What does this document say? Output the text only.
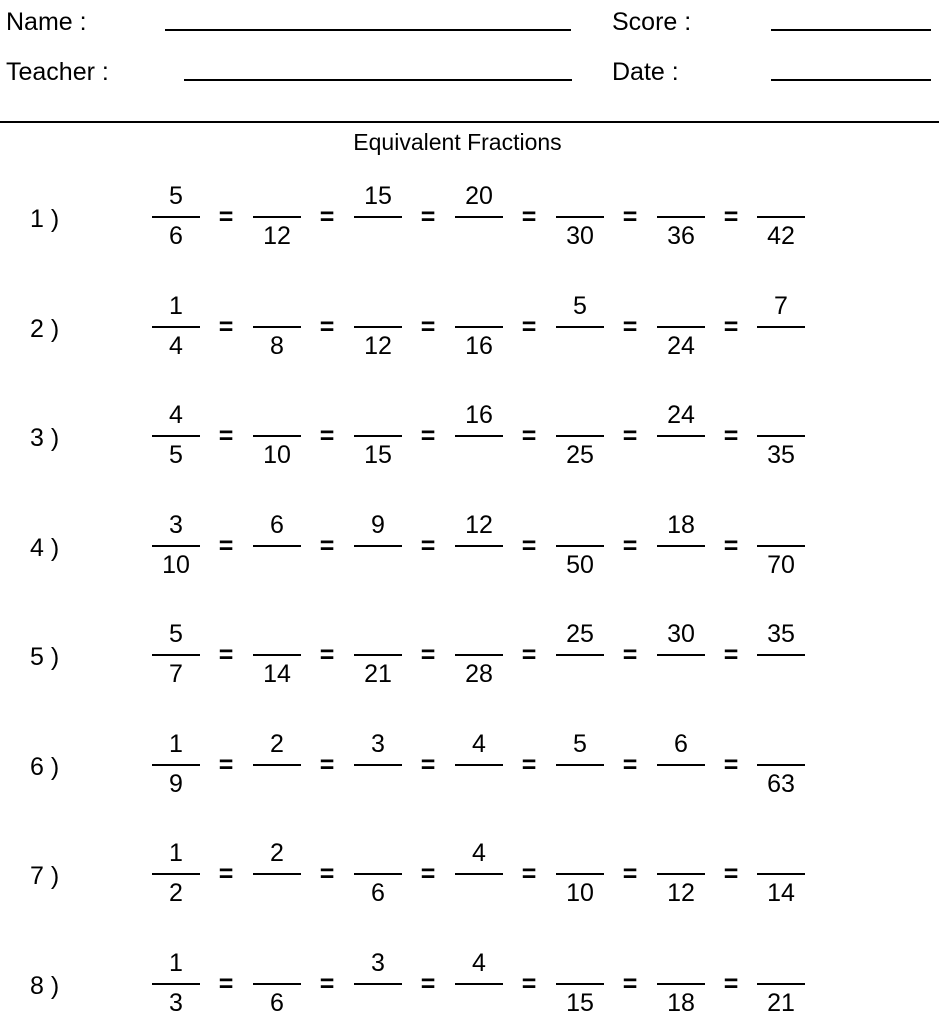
Name :
Teacher :
Score :
Date :
Equivalent Fractions
1 )
5
6
=
12
=
15
=
20
=
30
=
36
=
42
2 )
1
4
=
8
=
12
=
16
=
5
=
24
=
7
3 )
4
5
=
10
=
15
=
16
=
25
=
24
=
35
4 )
3
10
=
6
=
9
=
12
=
50
=
18
=
70
5 )
5
7
=
14
=
21
=
28
=
25
=
30
=
35
6 )
1
9
=
2
=
3
=
4
=
5
=
6
=
63
7 )
1
2
=
2
=
6
=
4
=
10
=
12
=
14
8 )
1
3
=
6
=
3
=
4
=
15
=
18
=
21
